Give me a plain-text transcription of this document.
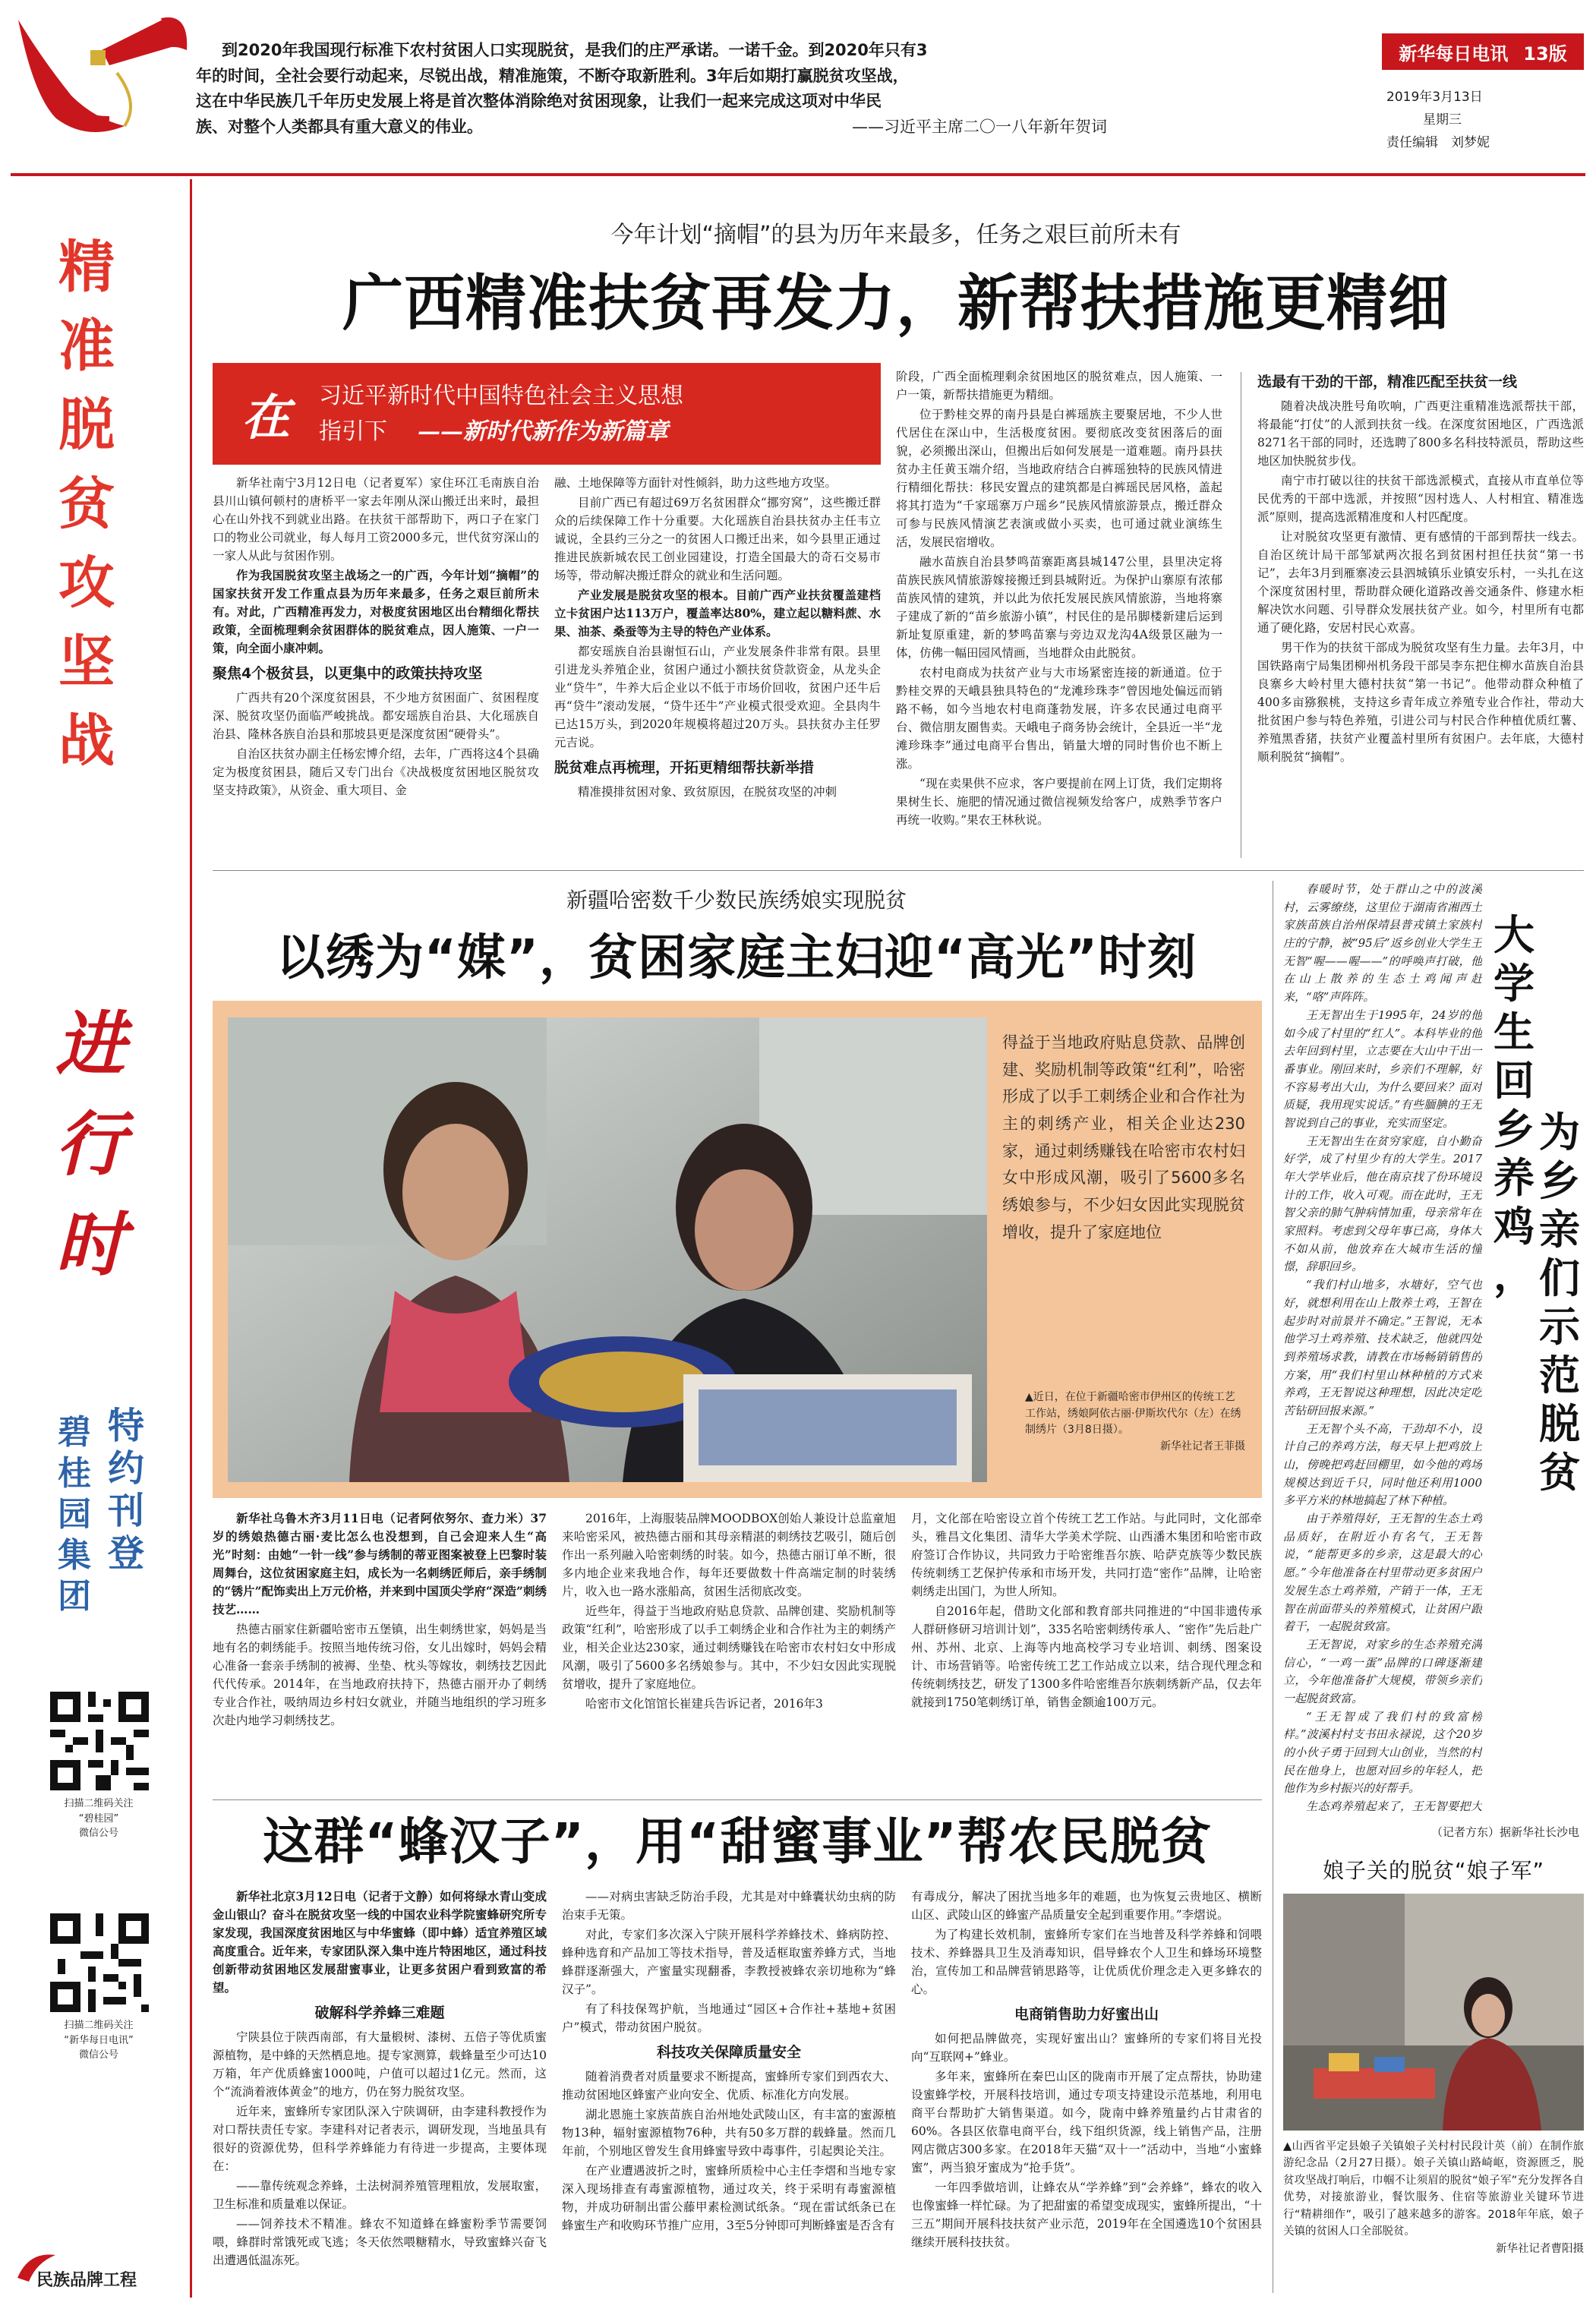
到2020年我国现行标准下农村贫困人口实现脱贫，是我们的庄严承诺。一诺千金。到2020年只有3
年的时间，全社会要行动起来，尽锐出战，精准施策，不断夺取新胜利。3年后如期打赢脱贫攻坚战，
这在中华民族几千年历史发展上将是首次整体消除绝对贫困现象，让我们一起来完成这项对中华民
族、对整个人类都具有重大意义的伟业。	——习近平主席二〇一八年新年贺词
新华每日电讯 13版
2019年3月13日
星期三
责任编辑　刘梦妮
精
准
脱
贫
攻
坚
战
进
行
时
碧
桂
园
集
团
特
约
刊
登
扫描二维码关注
“碧桂园”
微信公号
扫描二维码关注
“新华每日电讯”
微信公号
民族品牌工程
今年计划“摘帽”的县为历年来最多，任务之艰巨前所未有
广西精准扶贫再发力，新帮扶措施更精细
在	习近平新时代中国特色社会主义思想
指引下 ——新时代新作为新篇章

新华社南宁3月12日电（记者夏军）家住环江毛南族自治县川山镇何顿村的唐桥平一家去年刚从深山搬迁出来时，最担心在山外找不到就业出路。在扶贫干部帮助下，两口子在家门口的物业公司就业，每人每月工资2000多元，世代贫穷深山的一家人从此与贫困作别。

作为我国脱贫攻坚主战场之一的广西，今年计划“摘帽”的国家扶贫开发工作重点县为历年来最多，任务之艰巨前所未有。对此，广西精准再发力，对极度贫困地区出台精细化帮扶政策，全面梳理剩余贫困群体的脱贫难点，因人施策、一户一策，向全面小康冲刺。

聚焦4个极贫县，以更集中的政策扶持攻坚

广西共有20个深度贫困县，不少地方贫困面广、贫困程度深、脱贫攻坚仍面临严峻挑战。都安瑶族自治县、大化瑶族自治县、隆林各族自治县和那坡县更是深度贫困“硬骨头”。

自治区扶贫办副主任杨宏博介绍，去年，广西将这4个县确定为极度贫困县，随后又专门出台《决战极度贫困地区脱贫攻坚支持政策》，从资金、重大项目、金

融、土地保障等方面针对性倾斜，助力这些地方攻坚。

目前广西已有超过69万名贫困群众“挪穷窝”，这些搬迁群众的后续保障工作十分重要。大化瑶族自治县扶贫办主任韦立诚说，全县约三分之一的贫困人口搬迁出来，如今县里正通过推进民族新城农民工创业园建设，打造全国最大的奇石交易市场等，带动解决搬迁群众的就业和生活问题。

产业发展是脱贫攻坚的根本。目前广西产业扶贫覆盖建档立卡贫困户达113万户，覆盖率达80%，建立起以糖料蔗、水果、油茶、桑蚕等为主导的特色产业体系。

都安瑶族自治县谢恒石山，产业发展条件非常有限。县里引进龙头养殖企业，贫困户通过小额扶贫贷款资金，从龙头企业“贷牛”，牛养大后企业以不低于市场价回收，贫困户还牛后再“贷牛”滚动发展，“贷牛还牛”产业模式很受欢迎。全县肉牛已达15万头，到2020年规模将超过20万头。县扶贫办主任罗元吉说。

脱贫难点再梳理，开拓更精细帮扶新举措

精准摸排贫困对象、致贫原因，在脱贫攻坚的冲刺

阶段，广西全面梳理剩余贫困地区的脱贫难点，因人施策、一户一策，新帮扶措施更为精细。

位于黔桂交界的南丹县是白裤瑶族主要聚居地，不少人世代居住在深山中，生活极度贫困。要彻底改变贫困落后的面貌，必须搬出深山，但搬出后如何发展是一道难题。南丹县扶贫办主任黄玉端介绍，当地政府结合白裤瑶独特的民族风情进行精细化帮扶：移民安置点的建筑都是白裤瑶民居风格，盖起将其打造为“千家瑶寨万户瑶乡”民族风情旅游景点，搬迁群众可参与民族风情演艺表演或做小买卖，也可通过就业演练生活，发展民宿增收。

融水苗族自治县梦鸣苗寨距离县城147公里，县里决定将苗族民族风情旅游嫁接搬迁到县城附近。为保护山寨原有浓郁苗族风情的建筑，并以此为依托发展民族风情旅游，当地将寨子建成了新的“苗乡旅游小镇”，村民住的是吊脚楼新建后运到新址复原重建，新的梦鸣苗寨与旁边双龙沟4A级景区融为一体，仿佛一幅田园风情画，当地群众由此脱贫。

农村电商成为扶贫产业与大市场紧密连接的新通道。位于黔桂交界的天峨县独具特色的“龙滩珍珠李”曾因地处偏远而销路不畅，如今当地农村电商蓬勃发展，许多农民通过电商平台、微信朋友圈售卖。天峨电子商务协会统计，全县近一半“龙滩珍珠李”通过电商平台售出，销量大增的同时售价也不断上涨。

“现在卖果供不应求，客户要提前在网上订货，我们定期将果树生长、施肥的情况通过微信视频发给客户，成熟季节客户再统一收购。”果农王林秋说。

选最有干劲的干部，精准匹配至扶贫一线

随着决战决胜号角吹响，广西更注重精准选派帮扶干部，将最能“打仗”的人派到扶贫一线。在深度贫困地区，广西选派8271名干部的同时，还选聘了800多名科技特派员，帮助这些地区加快脱贫步伐。

南宁市打破以往的扶贫干部选派模式，直接从市直单位等民优秀的干部中选派，并按照“因村选人、人村相宜、精准选派”原则，提高选派精准度和人村匹配度。

让对脱贫攻坚更有激情、更有感情的干部到帮扶一线去。自治区统计局干部邹斌两次报名到贫困村担任扶贫“第一书记”，去年3月到雁寨凌云县泗城镇乐业镇安乐村，一头扎在这个深度贫困村里，帮助群众硬化道路改善交通条件、修建水柜解决饮水问题、引导群众发展扶贫产业。如今，村里所有屯都通了硬化路，安居村民心欢喜。

男干作为的扶贫干部成为脱贫攻坚有生力量。去年3月，中国铁路南宁局集团柳州机务段干部吴李东把住柳水苗族自治县良寨乡大岭村里大德村扶贫“第一书记”。他带动群众种植了400多亩猕猴桃，支持这乡青年成立养殖专业合作社，带动大批贫困户参与特色养殖，引进公司与村民合作种植优质红薯、养殖黑香猪，扶贫产业覆盖村里所有贫困户。去年底，大德村顺利脱贫“摘帽”。

新疆哈密数千少数民族绣娘实现脱贫
以绣为“媒”，贫困家庭主妇迎“高光”时刻
得益于当地政府贴息贷款、品牌创建、奖励机制等政策“红利”，哈密形成了以手工刺绣企业和合作社为主的刺绣产业，相关企业达230家，通过刺绣赚钱在哈密市农村妇女中形成风潮，吸引了5600多名绣娘参与，不少妇女因此实现脱贫增收，提升了家庭地位
▲近日，在位于新疆哈密市伊州区的传统工艺工作站，绣娘阿依古丽·伊斯坎代尔（左）在绣制绣片（3月8日摄）。
新华社记者王菲摄

新华社乌鲁木齐3月11日电（记者阿依努尔、查力米）37岁的绣娘热德古丽·麦比怎么也没想到，自己会迎来人生“高光”时刻：由她“一针一线”参与绣制的蒂亚图案被登上巴黎时装周舞台，这位贫困家庭主妇，成长为一名刺绣匠师后，亲手绣制的“锈片”配饰卖出上万元价格，并来到中国顶尖学府“深造”刺绣技艺……

热德古丽家住新疆哈密市五堡镇，出生刺绣世家，妈妈是当地有名的刺绣能手。按照当地传统习俗，女儿出嫁时，妈妈会精心准备一套亲手绣制的被褥、坐垫、枕头等嫁妆，刺绣技艺因此代代传承。2014年，在当地政府扶持下，热德古丽开办了刺绣专业合作社，吸纳周边乡村妇女就业，并随当地组织的学习班多次赴内地学习刺绣技艺。

2016年，上海服装品牌MOODBOX创始人兼设计总监童旭来哈密采风，被热德古丽和其母亲精湛的刺绣技艺吸引，随后创作出一系列融入哈密刺绣的时装。如今，热德古丽订单不断，很多内地企业来我地合作，每年还要做数十件高端定制的时装绣片，收入也一路水涨船高，贫困生活彻底改变。

近些年，得益于当地政府贴息贷款、品牌创建、奖励机制等政策“红利”，哈密形成了以手工刺绣企业和合作社为主的刺绣产业，相关企业达230家，通过刺绣赚钱在哈密市农村妇女中形成风潮，吸引了5600多名绣娘参与。其中，不少妇女因此实现脱贫增收，提升了家庭地位。

哈密市文化馆馆长崔建兵告诉记者，2016年3

月，文化部在哈密设立首个传统工艺工作站。与此同时，文化部牵头，雅昌文化集团、清华大学美术学院、山西潘木集团和哈密市政府签订合作协议，共同致力于哈密维吾尔族、哈萨克族等少数民族传统刺绣工艺保护传承和市场开发，共同打造“密作”品牌，让哈密刺绣走出国门，为世人所知。

自2016年起，借助文化部和教育部共同推进的“中国非遗传承人群研修研习培训计划”，335名哈密刺绣传承人、“密作”先后赴广州、苏州、北京、上海等内地高校学习专业培训、刺绣、图案设计、市场营销等。哈密传统工艺工作站成立以来，结合现代理念和传统刺绣技艺，研发了1300多件哈密维吾尔族刺绣新产品，仅去年就接到1750笔刺绣订单，销售金额逾100万元。

这群“蜂汉子”，用“甜蜜事业”帮农民脱贫

新华社北京3月12日电（记者于文静）如何将绿水青山变成金山银山？奋斗在脱贫攻坚一线的中国农业科学院蜜蜂研究所专家发现，我国深度贫困地区与中华蜜蜂（即中蜂）适宜养殖区域高度重合。近年来，专家团队深入集中连片特困地区，通过科技创新带动贫困地区发展甜蜜事业，让更多贫困户看到致富的希望。

破解科学养蜂三难题

宁陕县位于陕西南部，有大量椴树、漆树、五倍子等优质蜜源植物，是中蜂的天然栖息地。提专家测算，载蜂量至少可达10万箱，年产优质蜂蜜1000吨，户值可以超过1亿元。然而，这个“流淌着液体黄金”的地方，仍在努力脱贫攻坚。

近年来，蜜蜂所专家团队深入宁陕调研，由李建科教授作为对口帮扶责任专家。李建科对记者表示，调研发现，当地虽具有很好的资源优势，但科学养蜂能力有待进一步提高，主要体现在：

——靠传统观念养蜂，土法树洞养殖管理粗放，发展取蜜，卫生标准和质量难以保证。

——饲养技术不精准。蜂农不知道蜂在蜂蜜粉季节需要饲喂，蜂群时常饿死或飞逃；冬天依然喂糖精水，导致蜜蜂兴奋飞出遭遇低温冻死。

——对病虫害缺乏防治手段，尤其是对中蜂囊状幼虫病的防治束手无策。

对此，专家们多次深入宁陕开展科学养蜂技术、蜂病防控、蜂种选育和产品加工等技术指导，普及适框取蜜养蜂方式，当地蜂群逐渐强大，产蜜量实现翻番，李教授被蜂农亲切地称为“蜂汉子”。

有了科技保驾护航，当地通过“园区+合作社+基地+贫困户”模式，带动贫困户脱贫。

科技攻关保障质量安全

随着消费者对质量要求不断提高，蜜蜂所专家们到西农大、推动贫困地区蜂蜜产业向安全、优质、标准化方向发展。

湖北恩施土家族苗族自治州地处武陵山区，有丰富的蜜源植物13种，辐射蜜源植物76种，共有50多万群的载蜂量。然而几年前，个别地区曾发生食用蜂蜜导致中毒事件，引起舆论关注。

在产业遭遇波折之时，蜜蜂所质检中心主任李熠和当地专家深入现场排查有毒蜜源植物，通过攻关，终于采明有毒蜜源植物，并成功研制出雷公藤甲素检测试纸条。“现在雷试纸条已在蜂蜜生产和收购环节推广应用，3至5分钟即可判断蜂蜜是否含有

有毒成分，解决了困扰当地多年的难题，也为恢复云贵地区、横断山区、武陵山区的蜂蜜产品质量安全起到重要作用。”李熠说。

为了构建长效机制，蜜蜂所专家们在当地普及科学养蜂和饲喂技术、养蜂器具卫生及消毒知识，倡导蜂农个人卫生和蜂场环境整治，宣传加工和品牌营销思路等，让优质优价理念走入更多蜂农的心。

电商销售助力好蜜出山

如何把品牌做亮，实现好蜜出山？蜜蜂所的专家们将目光投向“互联网+”蜂业。

多年来，蜜蜂所在秦巴山区的陇南市开展了定点帮扶，协助建设蜜蜂学校，开展科技培训，通过专项支持建设示范基地，利用电商平台帮助扩大销售渠道。如今，陇南中蜂养殖量约占甘肃省的60%。各县区依靠电商平台，线下组织货源，线上销售产品，注册网店微店300多家。在2018年天猫“双十一”活动中，当地“小蜜蜂蜜”，两当狼牙蜜成为“抢手货”。

一年四季做培训，让蜂农从“学养蜂”到“会养蜂”，蜂农的收入也像蜜蜂一样忙碌。为了把甜蜜的希望变成现实，蜜蜂所提出，“十三五”期间开展科技扶贫产业示范，2019年在全国遴选10个贫困县继续开展科技扶贫。

春暖时节，处于群山之中的波溪村，云雾缭绕，这里位于湖南省湘西土家族苗族自治州保靖县普戎镇土家族村庄的宁静，被“95后”返乡创业大学生王无智“喔——喔——”的呼唤声打破，他在山上散养的生态土鸡闻声赶来，“咯”声阵阵。

王无智出生于1995年，24岁的他如今成了村里的“红人”。本科毕业的他去年回到村里，立志要在大山中干出一番事业。刚回来时，乡亲们不理解，好不容易考出大山，为什么要回来？面对质疑，我用现实说话。”有些腼腆的王无智说到自己的事业，充实而坚定。

王无智出生在贫穷家庭，自小勤奋好学，成了村里少有的大学生。2017年大学毕业后，他在南京找了份环境设计的工作，收入可观。而在此时，王无智父亲的肺气肿病情加重，母亲常年在家照料。考虑到父母年事已高，身体大不如从前，他放弃在大城市生活的憧憬，辞职回乡。

“我们村山地多，水塘好，空气也好，就想利用在山上散养土鸡，王智在起步时对前景并不确定。”王智说，无本他学习土鸡养殖、技术缺乏，他就四处到养殖场求教，请教在市场畅销销售的方案，用“我们村里山林种植的方式来养鸡，王无智说这种理想，因此决定吃苦钻研回报来源。”

王无智个头不高，干劲却不小，设计自己的养鸡方法，每天早上把鸡放上山，傍晚把鸡赶回棚里，如今他的鸡场规模达到近千只，同时他还利用1000多平方米的林地搞起了林下种植。

由于养殖得好，王无智的生态土鸡品质好，在附近小有名气，王无智说，“能帮更多的乡亲，这是最大的心愿。”今年他准备在村里带动更多贫困户发展生态土鸡养殖，产销于一体，王无智在前面带头的养殖模式，让贫困户跟着干，一起脱贫致富。

王无智说，对家乡的生态养殖充满信心，“一鸡一蛋”品牌的口碑逐渐建立，今年他准备扩大规模，带领乡亲们一起脱贫致富。

“王无智成了我们村的致富榜样。”波溪村村支书田永禄说，这个20岁的小伙子勇于回到大山创业，当然的村民在他身上，也愿对回乡的年轻人，把他作为乡村振兴的好帮手。

生态鸡养殖起来了，王无智要把大

大
学
生
回
乡
养
鸡
，
为
乡
亲
们
示
范
脱
贫
（记者方东）据新华社长沙电
娘子关的脱贫“娘子军”
▲山西省平定县娘子关镇娘子关村村民段计英（前）在制作旅游纪念品（2月27日摄）。娘子关镇山路崎岖，资源匮乏，脱贫攻坚战打响后，巾帼不让须眉的脱贫“娘子军”充分发挥各自优势，对接旅游业，餐饮服务、住宿等旅游业关键环节进行“精耕细作”，吸引了越来越多的游客。2018年年底，娘子关镇的贫困人口全部脱贫。
新华社记者曹阳摄
